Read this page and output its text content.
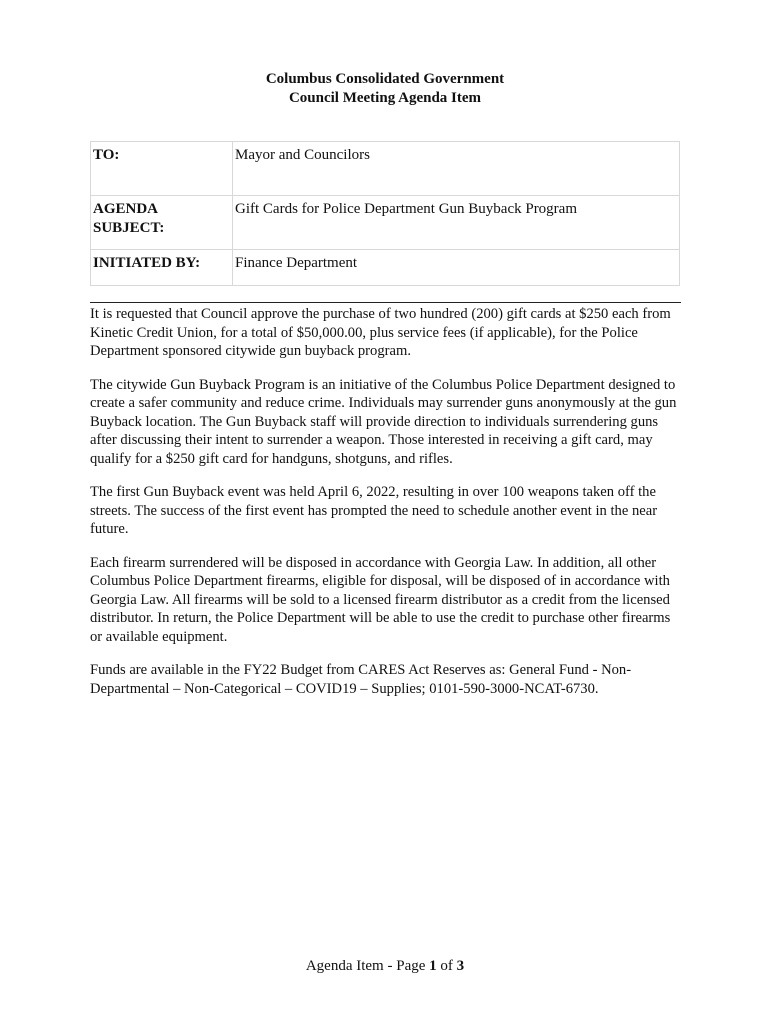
Columbus Consolidated Government
Council Meeting Agenda Item
TO:	Mayor and Councilors
AGENDA SUBJECT:	Gift Cards for Police Department Gun Buyback Program
INITIATED BY:	Finance Department

It is requested that Council approve the purchase of two hundred (200) gift cards at $250 each from Kinetic Credit Union, for a total of $50,000.00, plus service fees (if applicable), for the Police Department sponsored citywide gun buyback program.

The citywide Gun Buyback Program is an initiative of the Columbus Police Department designed to create a safer community and reduce crime. Individuals may surrender guns anonymously at the gun Buyback location. The Gun Buyback staff will provide direction to individuals surrendering guns after discussing their intent to surrender a weapon. Those interested in receiving a gift card, may qualify for a $250 gift card for handguns, shotguns, and rifles.

The first Gun Buyback event was held April 6, 2022, resulting in over 100 weapons taken off the streets. The success of the first event has prompted the need to schedule another event in the near future.

Each firearm surrendered will be disposed in accordance with Georgia Law. In addition, all other Columbus Police Department firearms, eligible for disposal, will be disposed of in accordance with Georgia Law. All firearms will be sold to a licensed firearm distributor as a credit from the licensed distributor. In return, the Police Department will be able to use the credit to purchase other firearms or available equipment.

Funds are available in the FY22 Budget from CARES Act Reserves as: General Fund - Non-Departmental – Non-Categorical – COVID19 – Supplies; 0101-590-3000-NCAT-6730.

Agenda Item - Page 1 of 3
